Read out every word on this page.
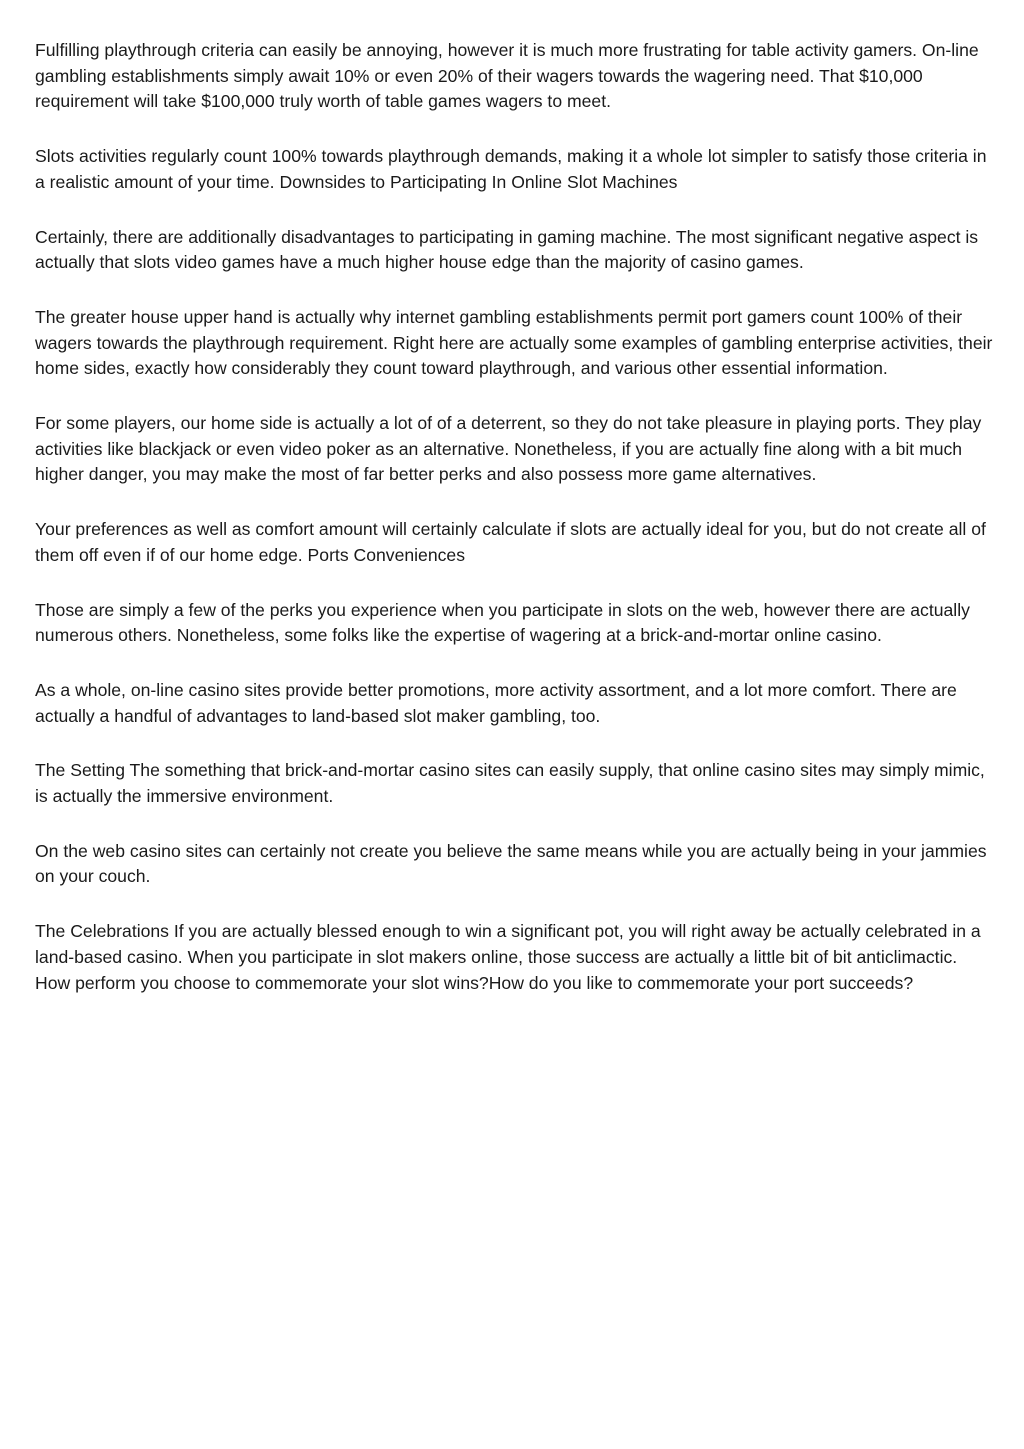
Fulfilling playthrough criteria can easily be annoying, however it is much more frustrating for table activity gamers. On-line gambling establishments simply await 10% or even 20% of their wagers towards the wagering need. That $10,000 requirement will take $100,000 truly worth of table games wagers to meet.

Slots activities regularly count 100% towards playthrough demands, making it a whole lot simpler to satisfy those criteria in a realistic amount of your time. Downsides to Participating In Online Slot Machines

Certainly, there are additionally disadvantages to participating in gaming machine. The most significant negative aspect is actually that slots video games have a much higher house edge than the majority of casino games.

The greater house upper hand is actually why internet gambling establishments permit port gamers count 100% of their wagers towards the playthrough requirement. Right here are actually some examples of gambling enterprise activities, their home sides, exactly how considerably they count toward playthrough, and various other essential information.

For some players, our home side is actually a lot of of a deterrent, so they do not take pleasure in playing ports. They play activities like blackjack or even video poker as an alternative. Nonetheless, if you are actually fine along with a bit much higher danger, you may make the most of far better perks and also possess more game alternatives.

Your preferences as well as comfort amount will certainly calculate if slots are actually ideal for you, but do not create all of them off even if of our home edge. Ports Conveniences

Those are simply a few of the perks you experience when you participate in slots on the web, however there are actually numerous others. Nonetheless, some folks like the expertise of wagering at a brick-and-mortar online casino.

As a whole, on-line casino sites provide better promotions, more activity assortment, and a lot more comfort. There are actually a handful of advantages to land-based slot maker gambling, too.

The Setting The something that brick-and-mortar casino sites can easily supply, that online casino sites may simply mimic, is actually the immersive environment.

On the web casino sites can certainly not create you believe the same means while you are actually being in your jammies on your couch.

The Celebrations If you are actually blessed enough to win a significant pot, you will right away be actually celebrated in a land-based casino. When you participate in slot makers online, those success are actually a little bit of bit anticlimactic. How perform you choose to commemorate your slot wins?How do you like to commemorate your port succeeds?
